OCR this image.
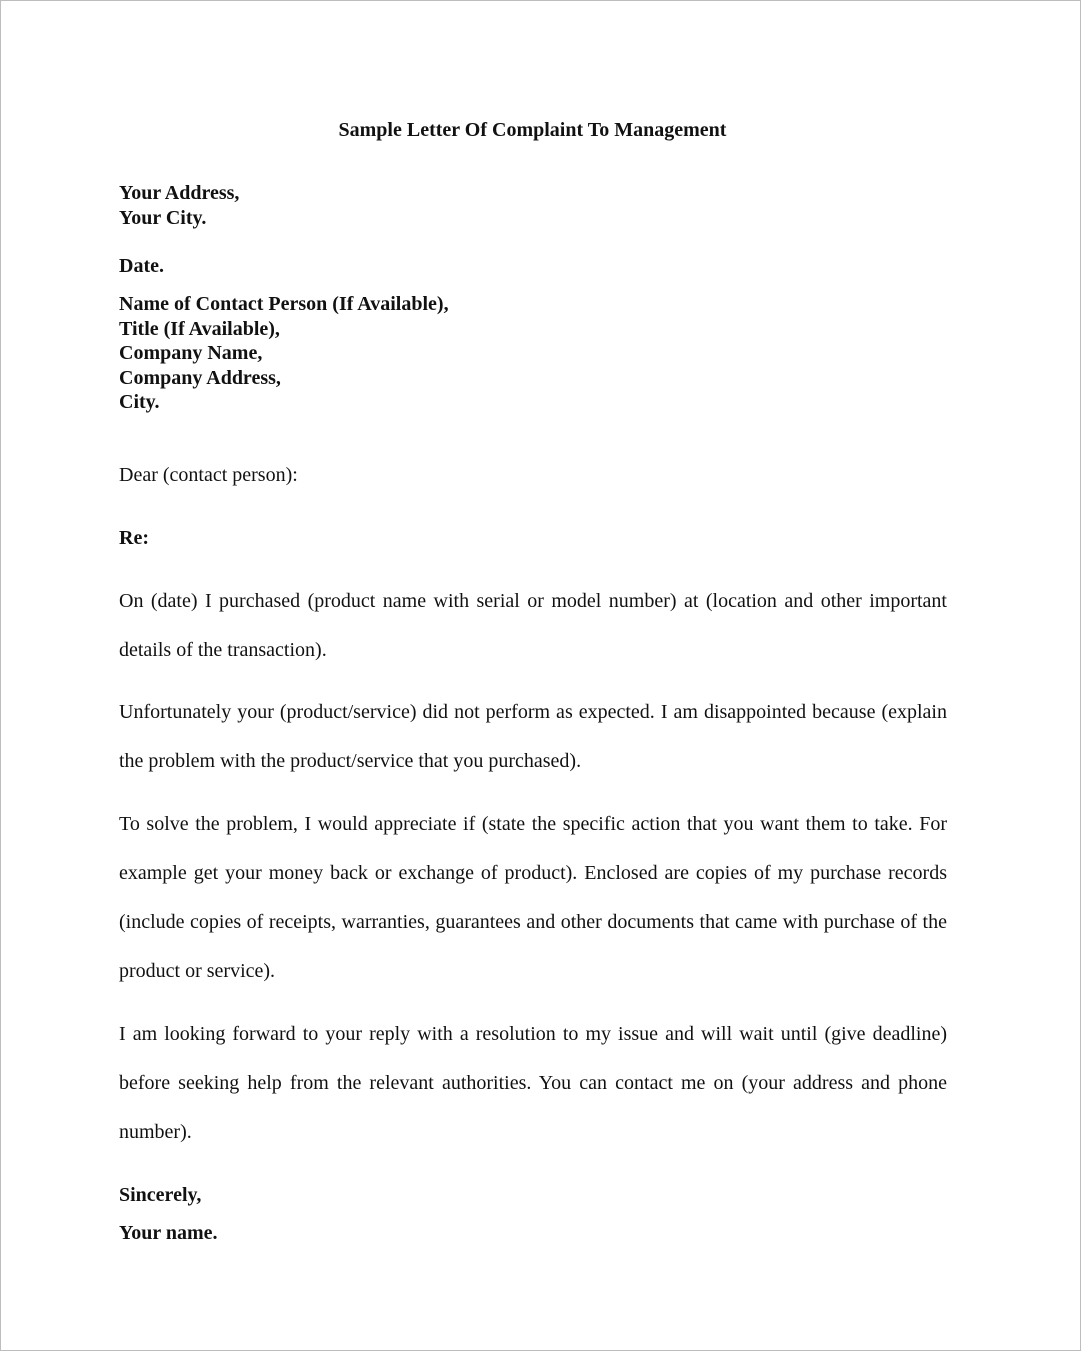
Sample Letter Of Complaint To Management
Your Address,
Your City.
Date.
Name of Contact Person (If Available),
Title (If Available),
Company Name,
Company Address,
City.
Dear (contact person):
Re:
On (date) I purchased (product name with serial or model number) at (location and other important details of the transaction).
Unfortunately your (product/service) did not perform as expected. I am disappointed because (explain the problem with the product/service that you purchased).
To solve the problem, I would appreciate if (state the specific action that you want them to take. For example get your money back or exchange of product). Enclosed are copies of my purchase records (include copies of receipts, warranties, guarantees and other documents that came with purchase of the product or service).
I am looking forward to your reply with a resolution to my issue and will wait until (give deadline) before seeking help from the relevant authorities. You can contact me on (your address and phone number).
Sincerely,
Your name.
